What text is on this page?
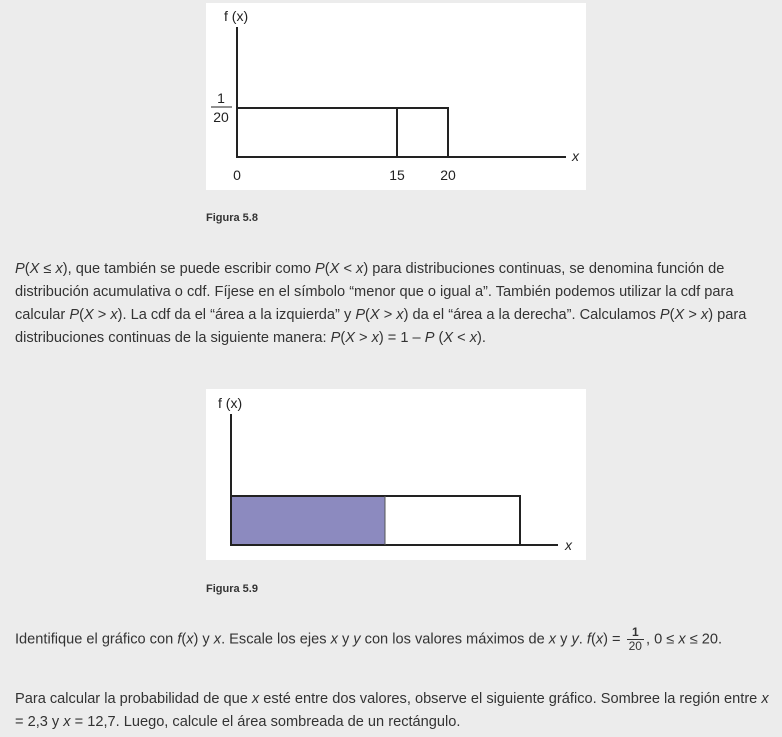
f (x)
x
1
20
0	15	20
Figura 5.8

P(X ≤ x), que también se puede escribir como P(X < x) para distribuciones continuas, se denomina función de distribución acumulativa o cdf. Fíjese en el símbolo “menor que o igual a”. También podemos utilizar la cdf para calcular P(X > x). La cdf da el “área a la izquierda” y P(X > x) da el “área a la derecha”. Calculamos P(X > x) para distribuciones continuas de la siguiente manera: P(X > x) = 1 – P (X < x).

f (x)
x
Figura 5.9

Identifique el gráfico con f(x) y x. Escale los ejes x y y con los valores máximos de x y y. $f(x) = \frac{1}{20}$ , 0 ≤ x ≤ 20.

Para calcular la probabilidad de que x esté entre dos valores, observe el siguiente gráfico. Sombree la región entre x = 2,3 y x = 12,7. Luego, calcule el área sombreada de un rectángulo.
